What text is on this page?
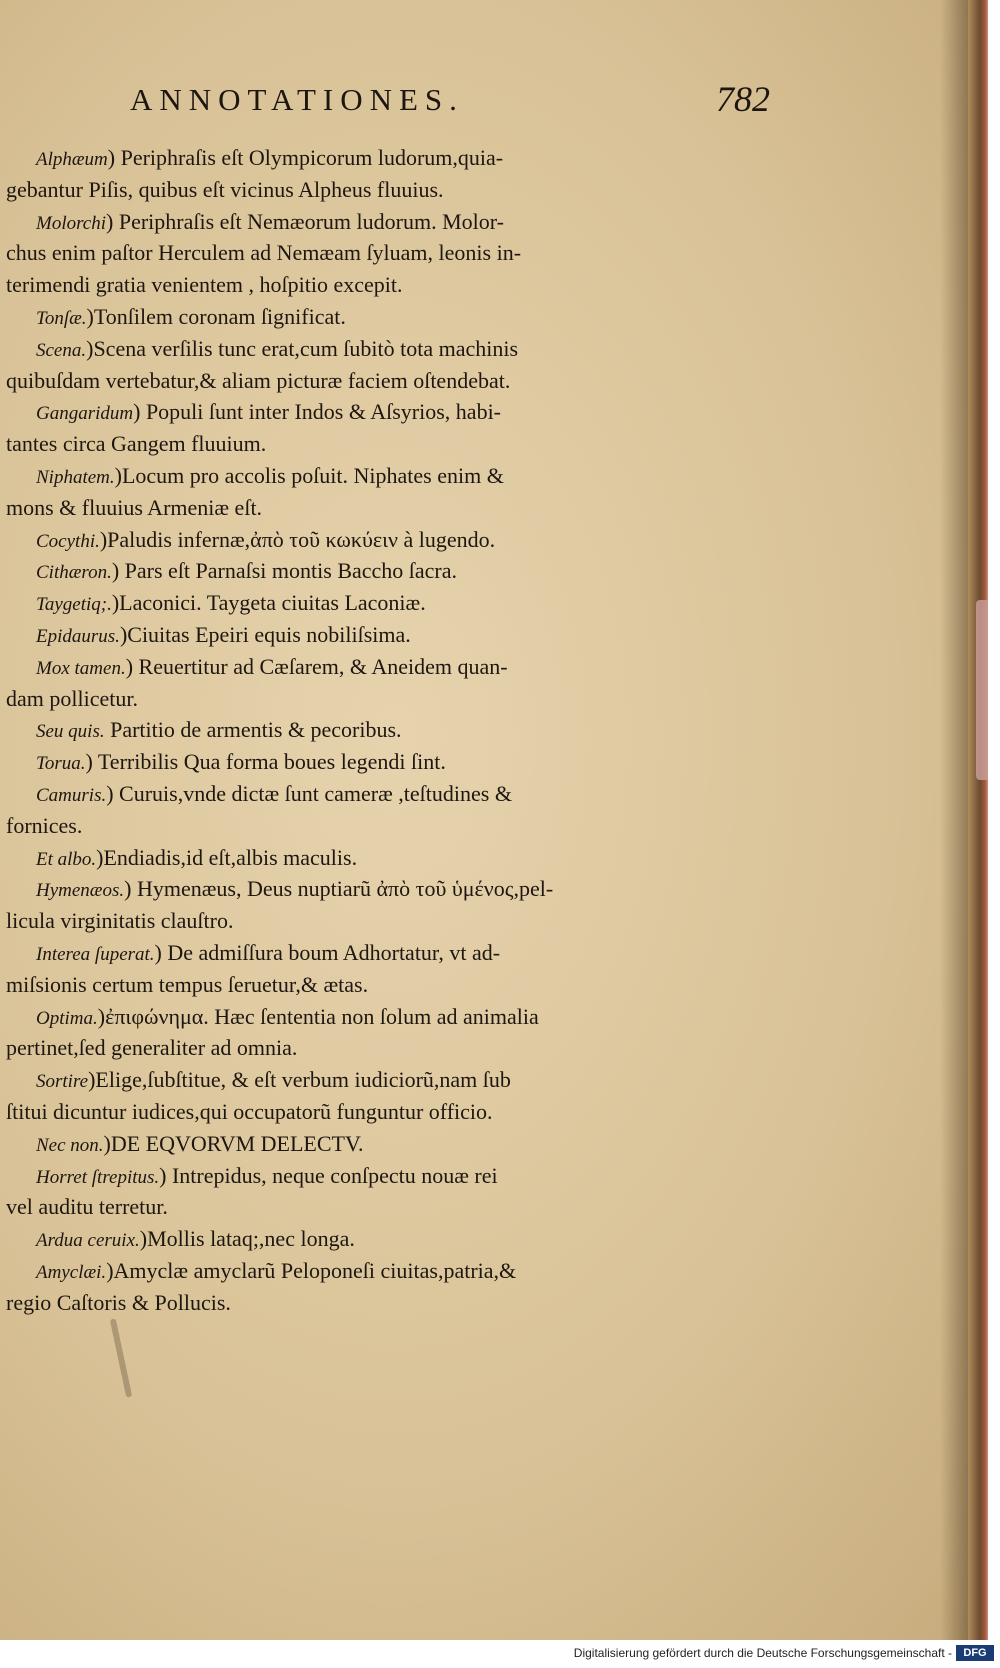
ANNOTATIONES.	782
Alphæum) Periphraſis eſt Olympicorum ludorum,quia-
gebantur Piſis, quibus eſt vicinus Alpheus fluuius.
Molorchi) Periphraſis eſt Nemæorum ludorum. Molor-
chus enim paſtor Herculem ad Nemæam ſyluam, leonis in-
terimendi gratia venientem , hoſpitio excepit.
Tonſæ.)Tonſilem coronam ſignificat.
Scena.)Scena verſilis tunc erat,cum ſubitò tota machinis
quibuſdam vertebatur,& aliam picturæ faciem oſtendebat.
Gangaridum) Populi ſunt inter Indos & Aſsyrios, habi-
tantes circa Gangem fluuium.
Niphatem.)Locum pro accolis poſuit. Niphates enim &
mons & fluuius Armeniæ eſt.
Cocythi.)Paludis infernæ,ἀπὸ τοῦ κωκύειν à lugendo.
Cithæron.) Pars eſt Parnaſsi montis Baccho ſacra.
Taygetiq;.)Laconici. Taygeta ciuitas Laconiæ.
Epidaurus.)Ciuitas Epeiri equis nobiliſsima.
Mox tamen.) Reuertitur ad Cæſarem, & Aneidem quan-
dam pollicetur.
Seu quis. Partitio de armentis & pecoribus.
Torua.) Terribilis Qua forma boues legendi ſint.
Camuris.) Curuis,vnde dictæ ſunt cameræ ,teſtudines &
fornices.
Et albo.)Endiadis,id eſt,albis maculis.
Hymenæos.) Hymenæus, Deus nuptiarũ ἀπὸ τοῦ ὑμένος,pel-
licula virginitatis clauſtro.
Interea ſuperat.) De admiſſura boum Adhortatur, vt ad-
miſsionis certum tempus ſeruetur,& ætas.
Optima.)ἐπιφώνημα. Hæc ſententia non ſolum ad animalia
pertinet,ſed generaliter ad omnia.
Sortire)Elige,ſubſtitue, & eſt verbum iudiciorũ,nam ſub
ſtitui dicuntur iudices,qui occupatorũ funguntur officio.
Nec non.)DE EQVORVM DELECTV.
Horret ſtrepitus.) Intrepidus, neque conſpectu nouæ rei
vel auditu terretur.
Ardua ceruix.)Mollis lataq;,nec longa.
Amyclæi.)Amyclæ amyclarũ Peloponeſi ciuitas,patria,&
regio Caſtoris & Pollucis.
Digitalisierung gefördert durch die Deutsche Forschungsgemeinschaft -	DFG
